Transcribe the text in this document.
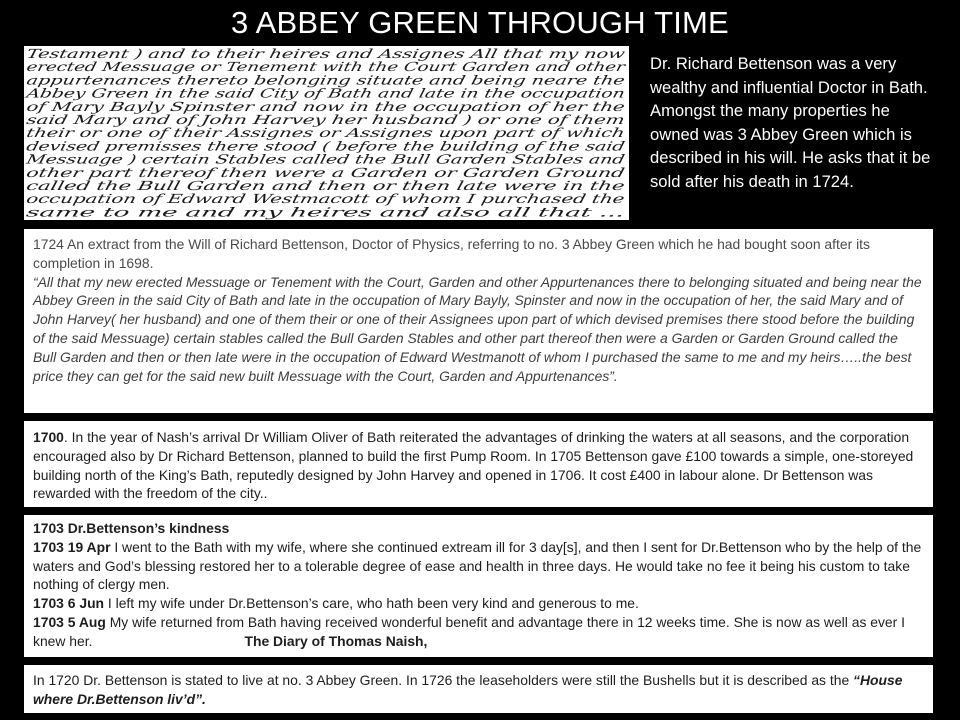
3 ABBEY GREEN THROUGH TIME
Testament ) and to their heires and Assignes All that my now
erected Messuage or Tenement with the Court Garden and other
appurtenances thereto belonging situate and being neare the
Abbey Green in the said City of Bath and late in the occupation
of Mary Bayly Spinster and now in the occupation of her the
said Mary and of John Harvey her husband ) or one of them
their or one of their Assignes or Assignes upon part of which
devised premisses there stood ( before the building of the said
Messuage ) certain Stables called the Bull Garden Stables and
other part thereof then were a Garden or Garden Ground
called the Bull Garden and then or then late were in the
occupation of Edward Westmacott of whom I purchased the
same to me and my heires and also all that ...
Dr. Richard Bettenson was a very wealthy and influential Doctor in Bath. Amongst the many properties he owned was 3 Abbey Green which is described in his will. He asks that it be sold after his death in 1724.
1724 An extract from the Will of Richard Bettenson, Doctor of Physics, referring to no. 3 Abbey Green which he had bought soon after its completion in 1698.
“All that my new erected Messuage or Tenement with the Court, Garden and other Appurtenances there to belonging situated and being near the Abbey Green in the said City of Bath and late in the occupation of Mary Bayly, Spinster and now in the occupation of her, the said Mary and of John Harvey( her husband) and one of them their or one of their Assignees upon part of which devised premises there stood before the building of the said Messuage) certain stables called the Bull Garden Stables and other part thereof then were a Garden or Garden Ground called the Bull Garden and then or then late were in the occupation of Edward Westmanott of whom I purchased the same to me and my heirs…..the best price they can get for the said new built Messuage with the Court, Garden and Appurtenances”.
1700. In the year of Nash’s arrival Dr William Oliver of Bath reiterated the advantages of drinking the waters at all seasons, and the corporation encouraged also by Dr Richard Bettenson, planned to build the first Pump Room. In 1705 Bettenson gave £100 towards a simple, one-storeyed building north of the King’s Bath, reputedly designed by John Harvey and opened in 1706. It cost £400 in labour alone. Dr Bettenson was rewarded with the freedom of the city..
1703 Dr.Bettenson’s kindness
1703 19 Apr I went to the Bath with my wife, where she continued extream ill for 3 day[s], and then I sent for Dr.Bettenson who by the help of the waters and God’s blessing restored her to a tolerable degree of ease and health in three days. He would take no fee it being his custom to take nothing of clergy men.
1703 6 Jun I left my wife under Dr.Bettenson’s care, who hath been very kind and generous to me.
1703 5 Aug My wife returned from Bath having received wonderful benefit and advantage there in 12 weeks time. She is now as well as ever I knew her.	The Diary of Thomas Naish,
In 1720 Dr. Bettenson is stated to live at no. 3 Abbey Green. In 1726 the leaseholders were still the Bushells but it is described as the “House where Dr.Bettenson liv’d”.
